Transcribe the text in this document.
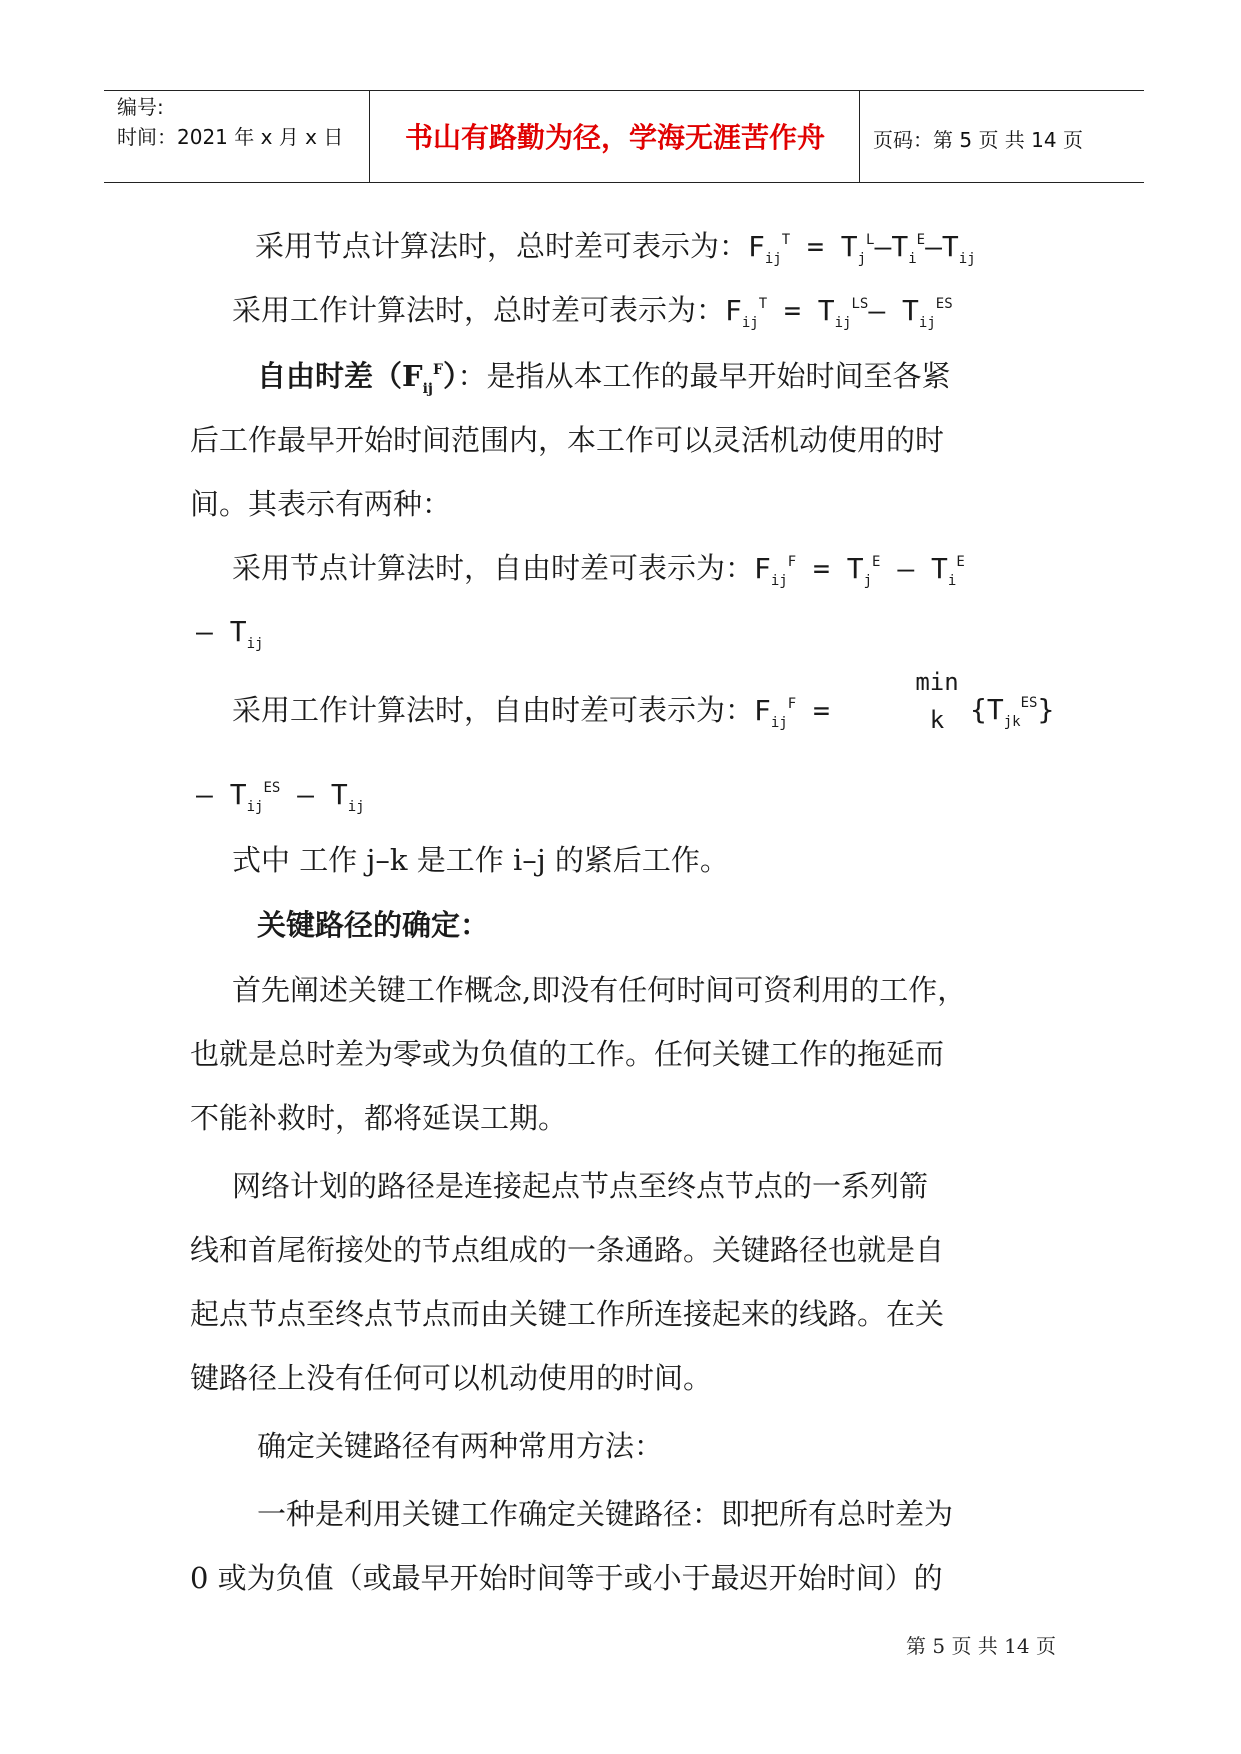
编号:
时间：2021 年 x 月 x 日	书山有路勤为径，学海无涯苦作舟	页码：第 5 页 共 14 页
采用节点计算法时，总时差可表示为：$F_{ij}^T = T_j^L-T_i^E-T_{ij}$
采用工作计算法时，总时差可表示为：$F_{ij}^T = T_{ij}^{LS}-$ $T_{ij}^{ES}$
自由时差$(F_{ij}^F)$：是指从本工作的最早开始时间至各紧
后工作最早开始时间范围内，本工作可以灵活机动使用的时
间。其表示有两种：
采用节点计算法时，自由时差可表示为：$F_{ij}^F = T_j^E - T_i^E$
– $T_{ij}$
min
k
采用工作计算法时，自由时差可表示为：$F_{ij}^F$ =	$\{T_{jk}^{ES}\}$
– $T_{ij}^{ES} - T_{ij}$
式中 工作 j–k 是工作 i–j 的紧后工作。
关键路径的确定：
首先阐述关键工作概念,即没有任何时间可资利用的工作，
也就是总时差为零或为负值的工作。任何关键工作的拖延而
不能补救时，都将延误工期。
网络计划的路径是连接起点节点至终点节点的一系列箭
线和首尾衔接处的节点组成的一条通路。关键路径也就是自
起点节点至终点节点而由关键工作所连接起来的线路。在关
键路径上没有任何可以机动使用的时间。
确定关键路径有两种常用方法：
一种是利用关键工作确定关键路径：即把所有总时差为
0 或为负值（或最早开始时间等于或小于最迟开始时间）的
第 5 页 共 14 页
